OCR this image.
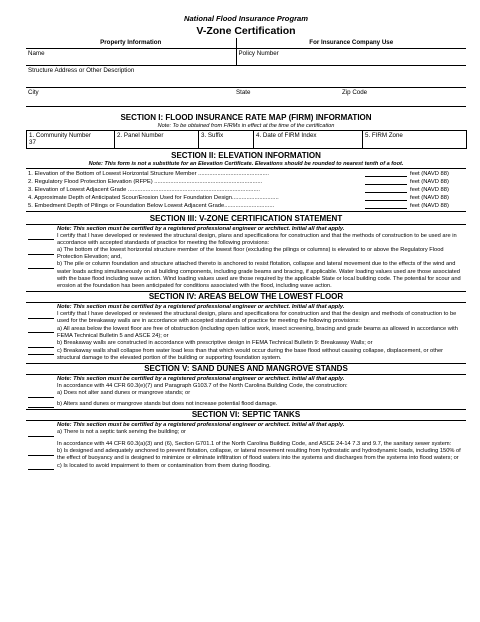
National Flood Insurance Program
V-Zone Certification
Property Information	For Insurance Company Use	
Name	Policy Number	
Structure Address or Other Description		
City	State	Zip Code
SECTION I: FLOOD INSURANCE RATE MAP (FIRM) INFORMATION
Note: To be obtained from FIRMs in effect at the time of the certification
1. Community Number
37
	2. Panel Number	3. Suffix	4. Date of FIRM Index	5. FIRM Zone
SECTION II: ELEVATION INFORMATION
Note: This form is not a substitute for an Elevation Certificate. Elevations should be rounded to nearest tenth of a foot.
1. Elevation of the Bottom of Lowest Horizontal Structure Member ............................................	feet (NAVD 88)
2. Regulatory Flood Protection Elevation (RFPE) ...................................................................	feet (NAVD 88)
3. Elevation of Lowest Adjacent Grade ..................................................................................	feet (NAVD 88)
4. Approximate Depth of Anticipated Scour/Erosion Used for Foundation Design.............................	feet (NAVD 88)
5. Embedment Depth of Pilings or Foundation Below Lowest Adjacent Grade...............................	feet (NAVD 88)
SECTION III: V-ZONE CERTIFICATION STATEMENT
Note: This section must be certified by a registered professional engineer or architect. Initial all that apply.
I certify that I have developed or reviewed the structural design, plans and specifications for construction and that the methods of construction to be used are in accordance with accepted standards of practice for meeting the following provisions:
a) The bottom of the lowest horizontal structure member of the lowest floor (excluding the pilings or columns) is elevated to or above the Regulatory Flood Protection Elevation; and,
b) The pile or column foundation and structure attached thereto is anchored to resist flotation, collapse and lateral movement due to the effects of the wind and water loads acting simultaneously on all building components, including grade beams and bracing, if applicable. Water loading values used are those associated with the base flood including wave action. Wind loading values used are those required by the applicable State or local building code. The potential for scour and erosion at the foundation has been anticipated for conditions associated with the flood, including wave action.
SECTION IV: AREAS BELOW THE LOWEST FLOOR
Note: This section must be certified by a registered professional engineer or architect. Initial all that apply.
I certify that I have developed or reviewed the structural design, plans and specifications for construction and that the design and methods of construction to be used for the breakaway walls are in accordance with accepted standards of practice for meeting the following provisions:
a) All areas below the lowest floor are free of obstruction (including open lattice work, insect screening, bracing and grade beams as allowed in accordance with FEMA Technical Bulletin 5 and ASCE 24); or
b) Breakaway walls are constructed in accordance with prescriptive design in FEMA Technical Bulletin 9: Breakaway Walls; or
c) Breakaway walls shall collapse from water load less than that which would occur during the base flood without causing collapse, displacement, or other structural damage to the elevated portion of the building or supporting foundation system.
SECTION V: SAND DUNES AND MANGROVE STANDS
Note: This section must be certified by a registered professional engineer or architect. Initial all that apply.
In accordance with 44 CFR 60.3(e)(7) and Paragraph G103.7 of the North Carolina Building Code, the construction:
a) Does not alter sand dunes or mangrove stands; or
b) Alters sand dunes or mangrove stands but does not increase potential flood damage.
SECTION VI: SEPTIC TANKS
Note: This section must be certified by a registered professional engineer or architect. Initial all that apply.
a) There is not a septic tank serving the building; or
In accordance with 44 CFR 60.3(a)(3) and (6), Section G701.1 of the North Carolina Building Code, and ASCE 24-14 7.3 and 9.7, the sanitary sewer system:
b) Is designed and adequately anchored to prevent flotation, collapse, or lateral movement resulting from hydrostatic and hydrodynamic loads, including 150% of the effect of buoyancy and is designed to minimize or eliminate infiltration of flood waters into the systems and discharges from the systems into flood waters; or
c) Is located to avoid impairment to them or contamination from them during flooding.
